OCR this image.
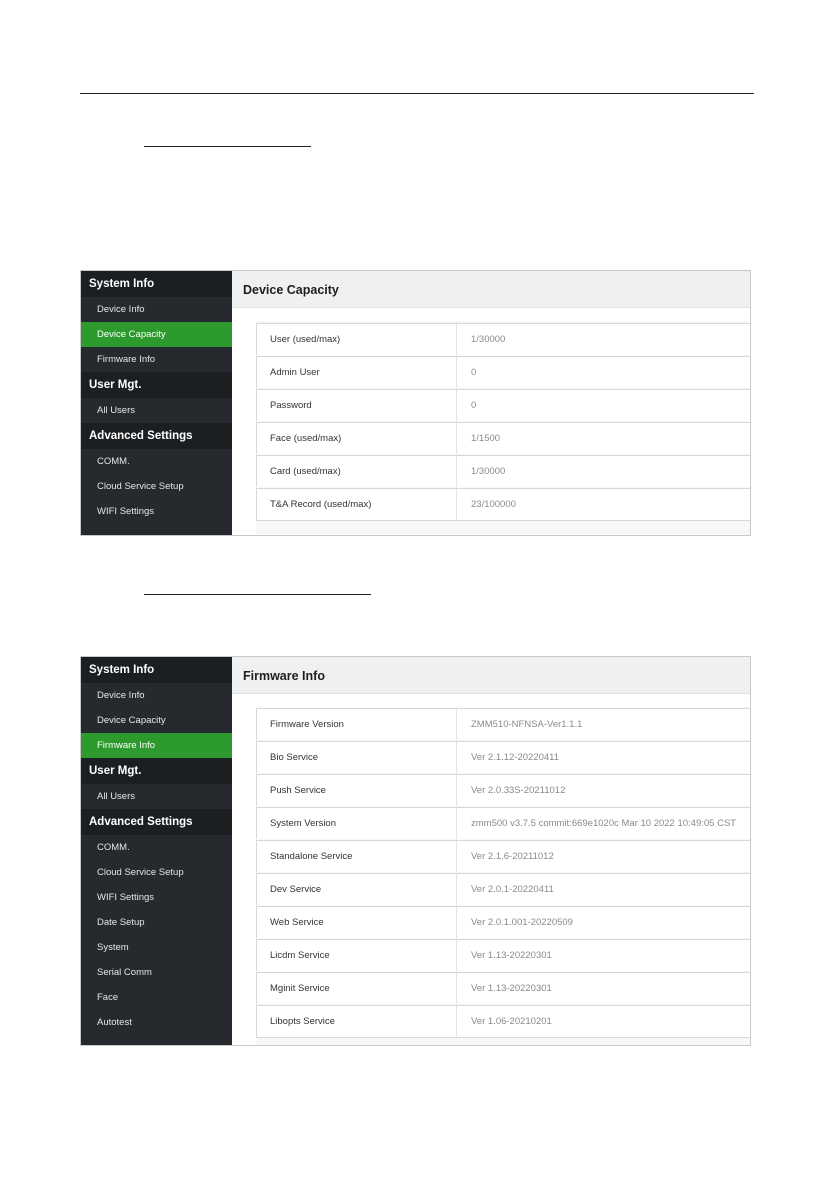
System Info
Device Info
Device Capacity
Firmware Info
User Mgt.
All Users
Advanced Settings
COMM.
Cloud Service Setup
WIFI Settings
Device Capacity
User (used/max)	1/30000
Admin User	0
Password	0
Face (used/max)	1/1500
Card (used/max)	1/30000
T&A Record (used/max)	23/100000
System Info
Device Info
Device Capacity
Firmware Info
User Mgt.
All Users
Advanced Settings
COMM.
Cloud Service Setup
WIFI Settings
Date Setup
System
Serial Comm
Face
Autotest
Firmware Info
Firmware Version	ZMM510-NFNSA-Ver1.1.1
Bio Service	Ver 2.1.12-20220411
Push Service	Ver 2.0.33S-20211012
System Version	zmm500 v3.7.5 commit:669e1020c Mar 10 2022 10:49:05 CST
Standalone Service	Ver 2.1.6-20211012
Dev Service	Ver 2.0.1-20220411
Web Service	Ver 2.0.1.001-20220509
Licdm Service	Ver 1.13-20220301
Mginit Service	Ver 1.13-20220301
Libopts Service	Ver 1.06-20210201
